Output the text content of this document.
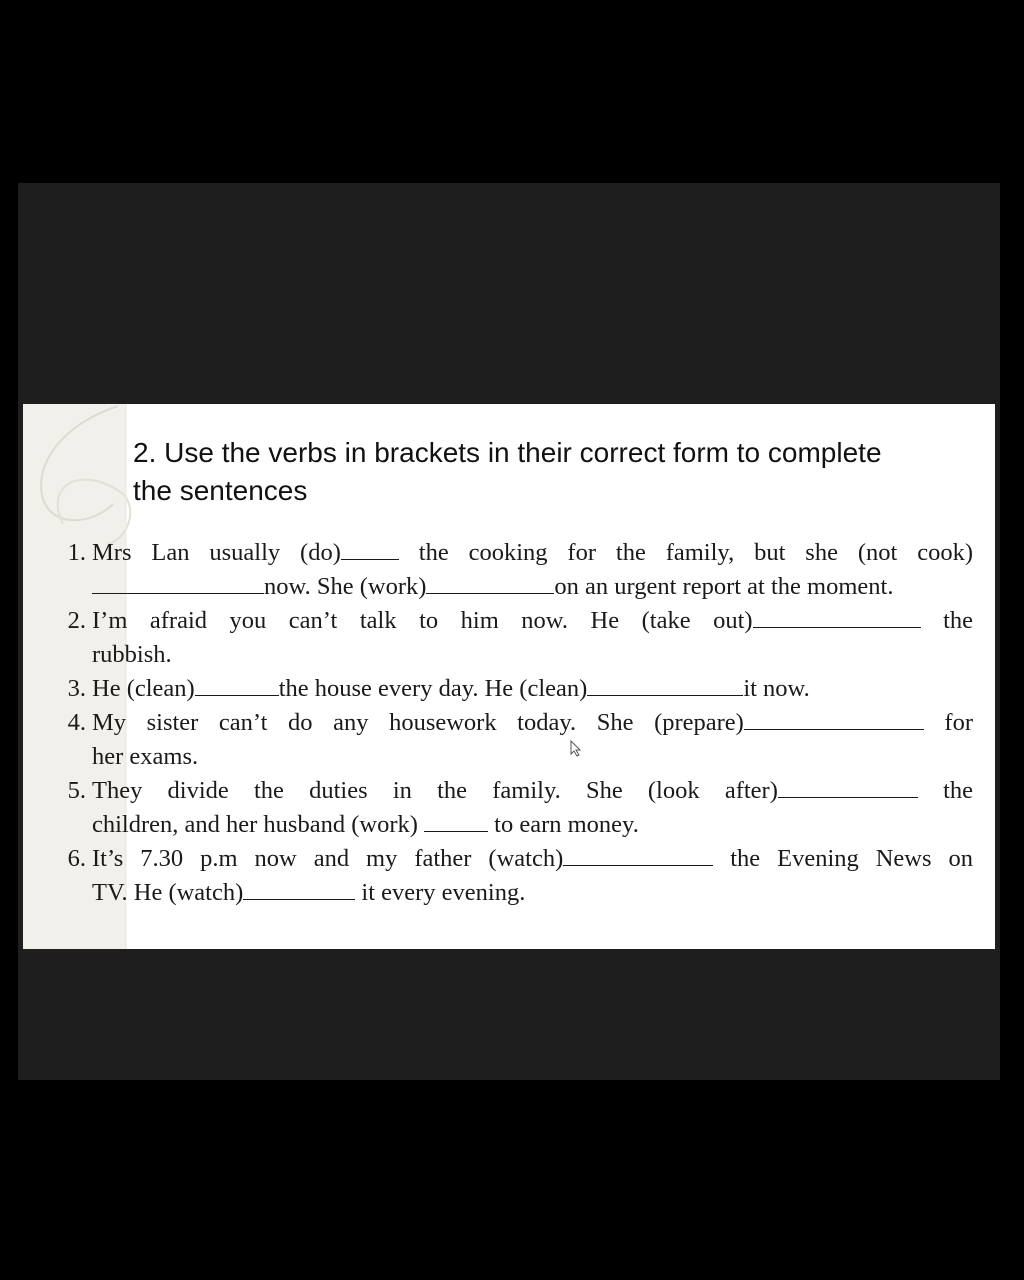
2. Use the verbs in brackets in their correct form to complete the sentences
1. Mrs Lan usually (do)	the cooking for the family, but she (not cook)
now. She (work)	on an urgent report at the moment.
2. I’m afraid you can’t talk to him now. He (take out)	the
rubbish.
3. He (clean)	the house every day. He (clean)	it now.
4. My sister can’t do any housework today. She (prepare)	for
her exams.
5. They divide the duties in the family. She (look after)	the
children, and her husband (work)	to earn money.
6. It’s 7.30 p.m now and my father (watch)	the Evening News on
TV. He (watch)	it every evening.
